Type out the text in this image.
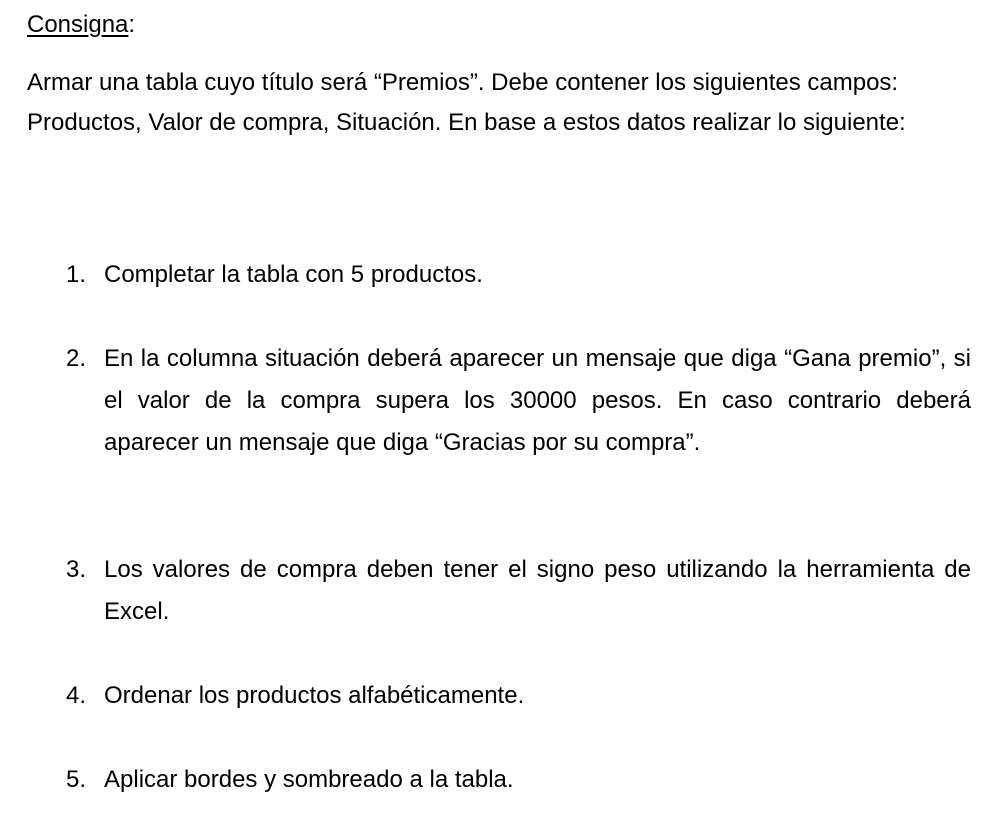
Consigna:

Armar una tabla cuyo título será “Premios”. Debe contener los siguientes campos: Productos, Valor de compra, Situación. En base a estos datos realizar lo siguiente:

1. Completar la tabla con 5 productos.

2. En la columna situación deberá aparecer un mensaje que diga “Gana premio”, si el valor de la compra supera los 30000 pesos. En caso contrario deberá aparecer un mensaje que diga “Gracias por su compra”.

3. Los valores de compra deben tener el signo peso utilizando la herramienta de Excel.

4. Ordenar los productos alfabéticamente.

5. Aplicar bordes y sombreado a la tabla.
